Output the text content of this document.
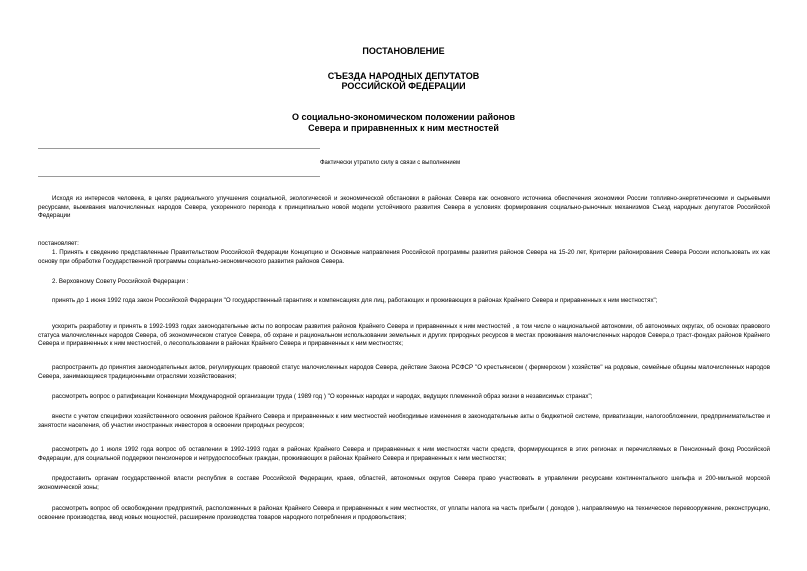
ПОСТАНОВЛЕНИЕ
СЪЕЗДА НАРОДНЫХ ДЕПУТАТОВ
РОССИЙСКОЙ ФЕДЕРАЦИИ
О социально-экономическом положении районов
Севера и приравненных к ним местностей
Фактически утратило силу в связи с выполнением

Исходя из интересов человека, в целях радикального улучшения социальной, экологической и экономической обстановки в районах Севера как основного источника обеспечения экономики России топливно-энергетическими и сырьевыми ресурсами, выживания малочисленных народов Севера, ускоренного перехода к принципиально новой модели устойчивого развития Севера в условиях формирования социально-рыночных механизмов Съезд народных депутатов Российской Федерации

постановляет:

1. Принять к сведению представленные Правительством Российской Федерации Концепцию и Основные направления Российской программы развития районов Севера на 15-20 лет, Критерии районирования Севера России использовать их как основу при обработке Государственной программы социально-экономического развития районов Севера.

2. Верховному Совету Российской Федерации :

принять до 1 июня 1992 года закон Российской Федерации "О государственный гарантиях и компенсациях для лиц, работающих и проживающих в районах Крайнего Севера и приравненных к ним местностях";

ускорить разработку и принять в 1992-1993 годах законодательные акты по вопросам развития районов Крайнего Севера и приравненных к ним местностей , в том числе о национальной автономии, об автономных округах, об основах правового статуса малочисленных народов Севера, об экономическом статусе Севера, об охране и рациональном использовании земельных и других природных ресурсов в местах проживания малочисленных народов Севера,о траст-фондах районов Крайнего Севера и приравненных к ним местностей, о лесопользовании в районах Крайнего Севера и приравненных к ним местностях;

распространить до принятия законодательных актов, регулирующих правовой статус малочисленных народов Севера, действие Закона РСФСР "О крестьянском ( фермерском ) хозяйстве" на родовые, семейные общины малочисленных народов Севера, занимающиеся традиционными отраслями хозяйствования;

рассмотреть вопрос о ратификации Конвенции Международной организации труда ( 1989 год ) "О коренных народах и народах, ведущих племенной образ жизни в независимых странах";

внести с учетом специфики хозяйственного освоения районов Крайнего Севера и приравненных к ним местностей необходимые изменения в законодательные акты о бюджетной системе, приватизации, налогообложении, предпринимательстве и занятости населения, об участии иностранных инвесторов в освоении природных ресурсов;

рассмотреть до 1 июля 1992 года вопрос об оставлении в 1992-1993 годах в районах Крайнего Севера и приравненных к ним местностях части средств, формирующихся в этих регионах и перечисляемых в Пенсионный фонд Российской Федерации, для социальной поддержки пенсионеров и нетрудоспособных граждан, проживающих в районах Крайнего Севера и приравненных к ним местностях;

предоставить органам государственной власти республик в составе Российской Федерации, краев, областей, автономных округов Севера право участвовать в управлении ресурсами континентального шельфа и 200-мильной морской экономической зоны;

рассмотреть вопрос об освобождении предприятий, расположенных в районах Крайнего Севера и приравненных к ним местностях, от уплаты налога на часть прибыли ( доходов ), направляемую на техническое перевооружение, реконструкцию, освоение производства, ввод новых мощностей, расширение производства товаров народного потребления и продовольствия;
